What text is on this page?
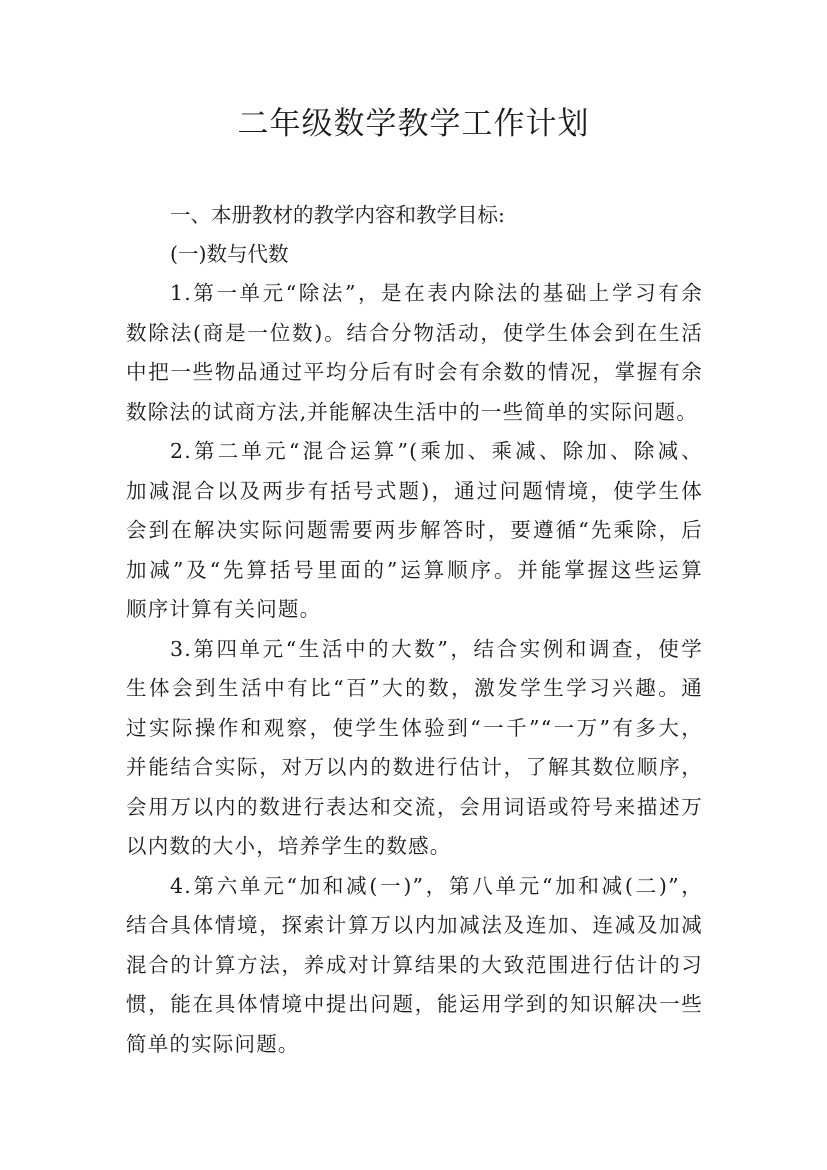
二年级数学教学工作计划

一、本册教材的教学内容和教学目标:

(一)数与代数

1.第一单元“除法”，是在表内除法的基础上学习有余
数除法(商是一位数)。结合分物活动，使学生体会到在生活
中把一些物品通过平均分后有时会有余数的情况，掌握有余
数除法的试商方法,并能解决生活中的一些简单的实际问题。
2.第二单元“混合运算”(乘加、乘减、除加、除减、
加减混合以及两步有括号式题)，通过问题情境，使学生体
会到在解决实际问题需要两步解答时，要遵循“先乘除，后
加减”及“先算括号里面的”运算顺序。并能掌握这些运算
顺序计算有关问题。
3.第四单元“生活中的大数”，结合实例和调查，使学
生体会到生活中有比“百”大的数，激发学生学习兴趣。通
过实际操作和观察，使学生体验到“一千”“一万”有多大，
并能结合实际，对万以内的数进行估计，了解其数位顺序，
会用万以内的数进行表达和交流，会用词语或符号来描述万
以内数的大小，培养学生的数感。
4.第六单元“加和减(一)”，第八单元“加和减(二)”，
结合具体情境，探索计算万以内加减法及连加、连减及加减
混合的计算方法，养成对计算结果的大致范围进行估计的习
惯，能在具体情境中提出问题，能运用学到的知识解决一些
简单的实际问题。
